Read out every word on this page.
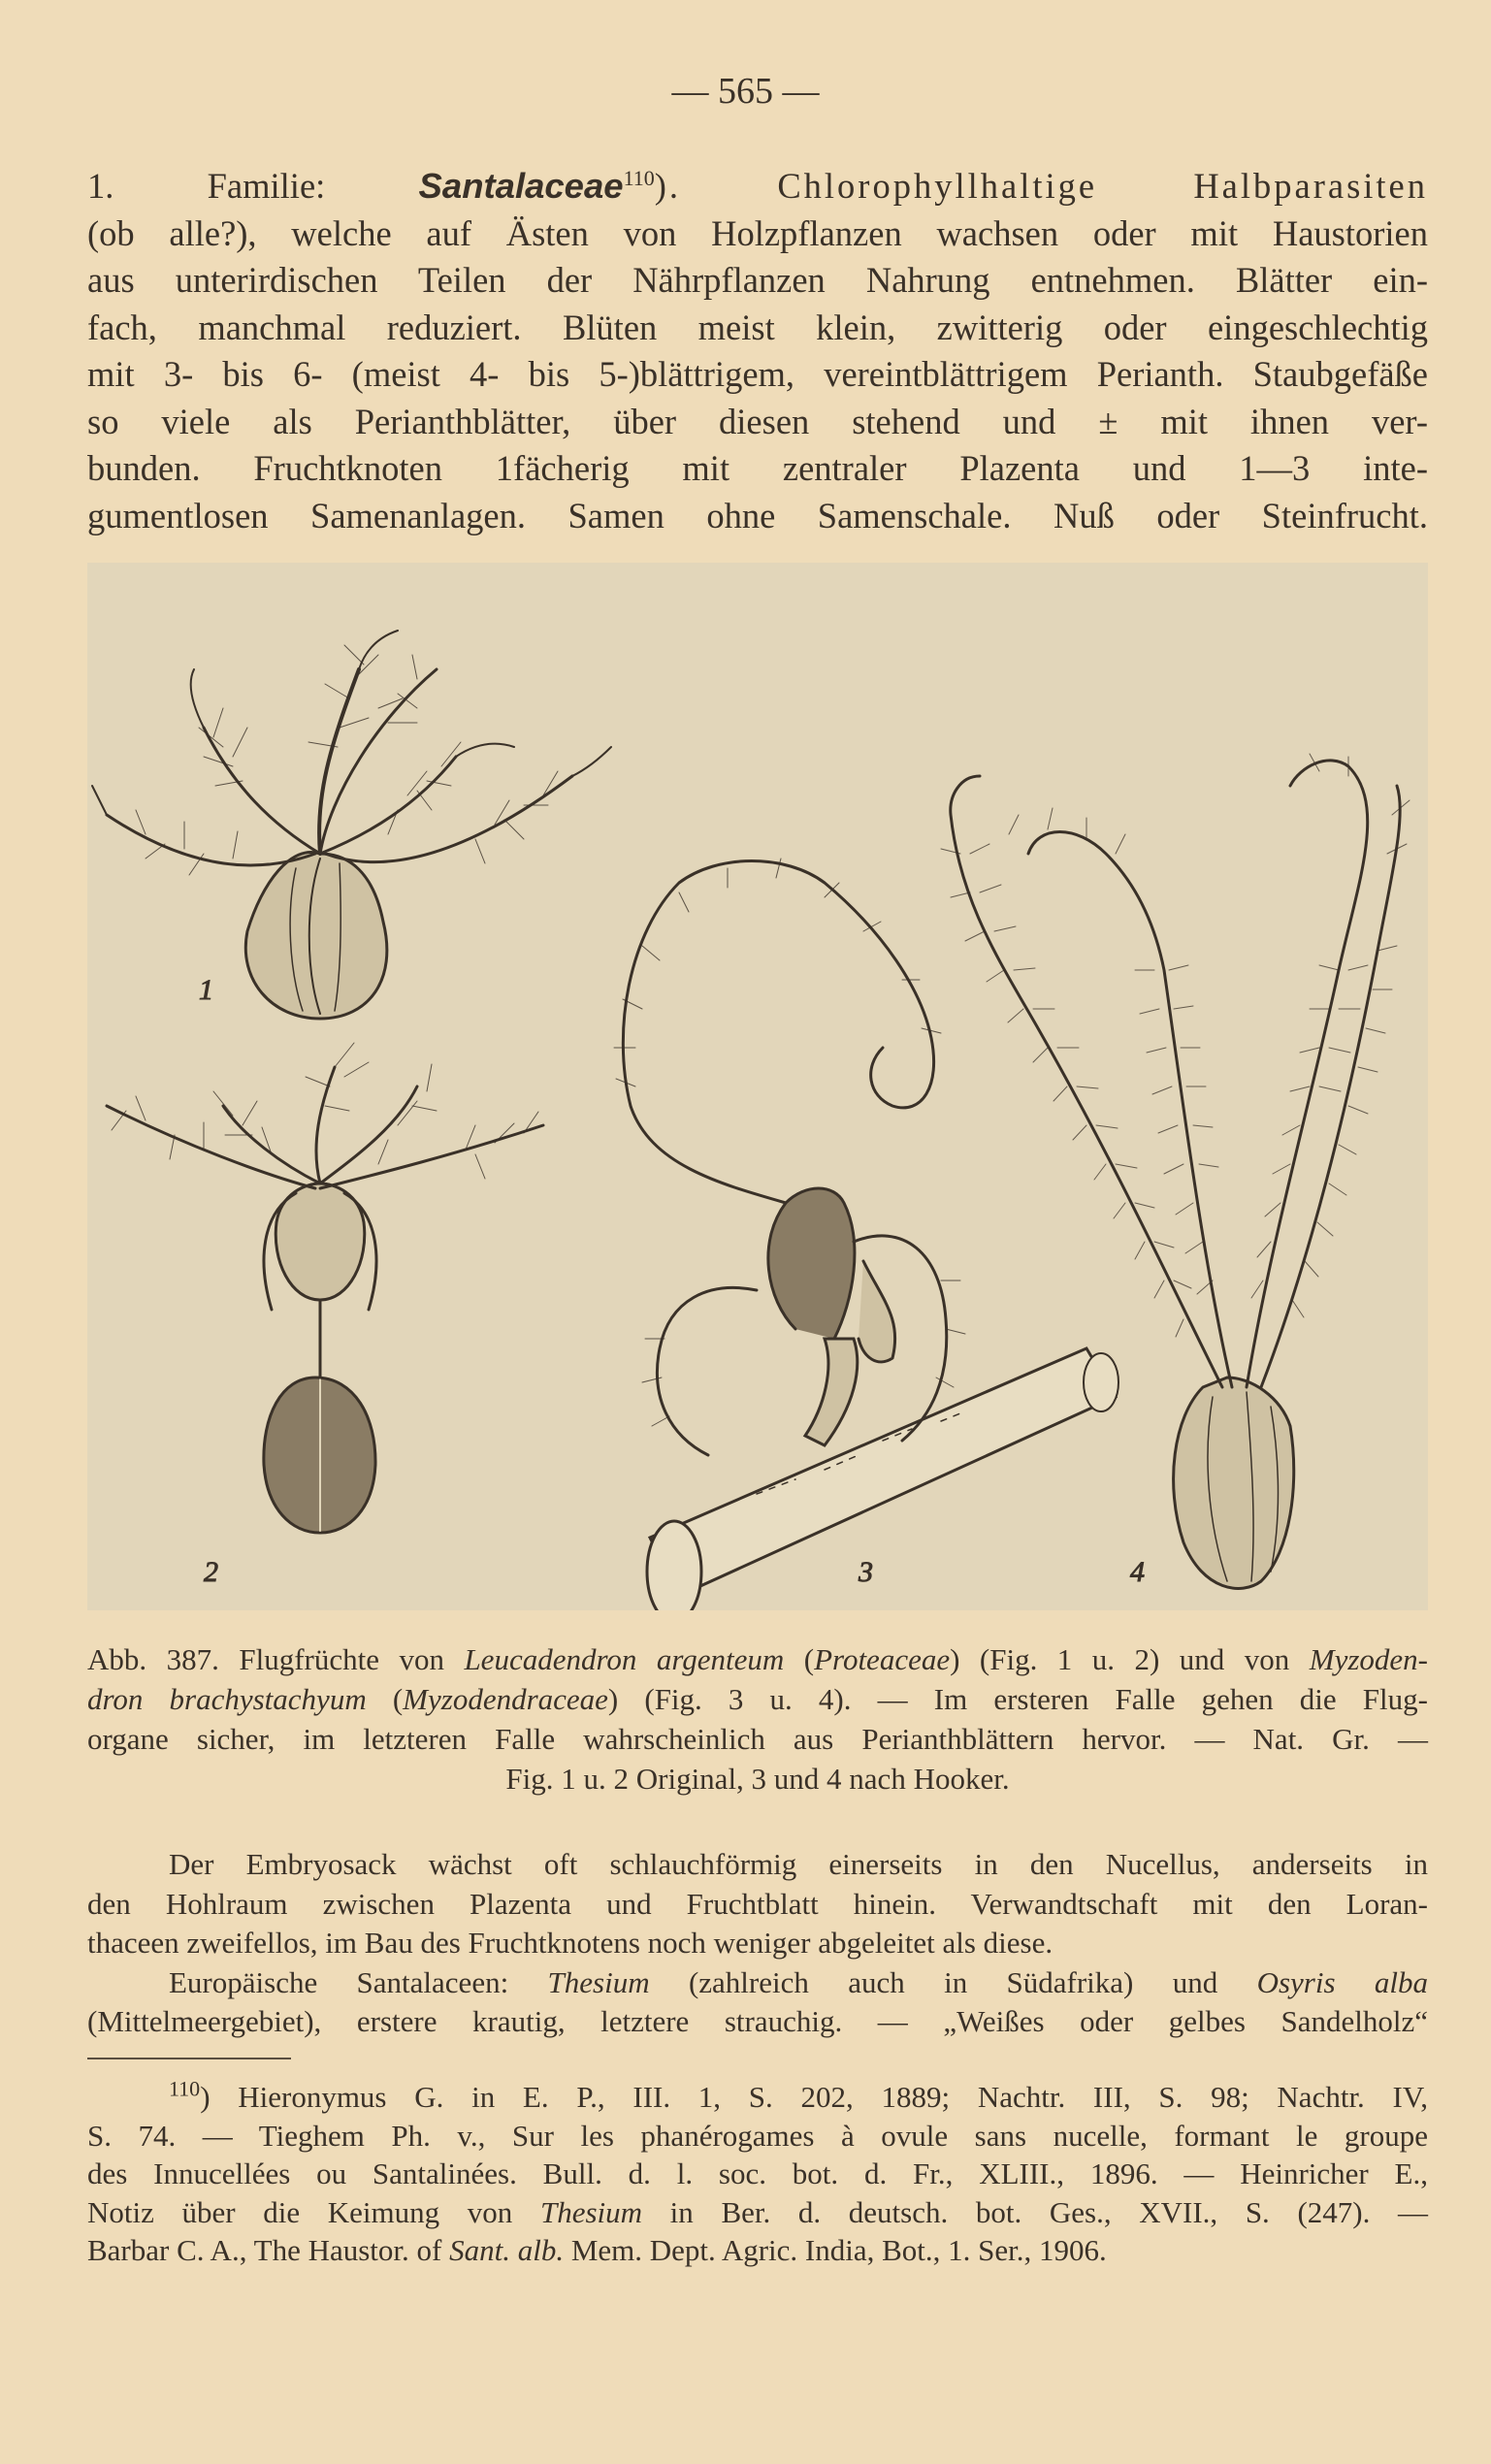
— 565 —
1. Familie: Santalaceae$^{110}$). Chlorophyllhaltige Halbparasiten
(ob alle?), welche auf Ästen von Holzpflanzen wachsen oder mit Haustorien
aus unterirdischen Teilen der Nährpflanzen Nahrung entnehmen. Blätter ein-
fach, manchmal reduziert. Blüten meist klein, zwitterig oder eingeschlechtig
mit 3- bis 6- (meist 4- bis 5-)blättrigem, vereintblättrigem Perianth. Staubgefäße
so viele als Perianthblätter, über diesen stehend und ± mit ihnen ver-
bunden. Fruchtknoten 1fächerig mit zentraler Plazenta und 1—3 inte-
gumentlosen Samenanlagen. Samen ohne Samenschale. Nuß oder Steinfrucht.
1
2	3	4
Abb. 387. Flugfrüchte von Leucadendron argenteum (Proteaceae) (Fig. 1 u. 2) und von Myzoden-
dron brachystachyum (Myzodendraceae) (Fig. 3 u. 4). — Im ersteren Falle gehen die Flug-
organe sicher, im letzteren Falle wahrscheinlich aus Perianthblättern hervor. — Nat. Gr. —
Fig. 1 u. 2 Original, 3 und 4 nach Hooker.
Der Embryosack wächst oft schlauchförmig einerseits in den Nucellus, anderseits in
den Hohlraum zwischen Plazenta und Fruchtblatt hinein. Verwandtschaft mit den Loran-
thaceen zweifellos, im Bau des Fruchtknotens noch weniger abgeleitet als diese.
Europäische Santalaceen: Thesium (zahlreich auch in Südafrika) und Osyris alba
(Mittelmeergebiet), erstere krautig, letztere strauchig. — „Weißes oder gelbes Sandelholz“
$^{110}$) Hieronymus G. in E. P., III. 1, S. 202, 1889; Nachtr. III, S. 98; Nachtr. IV,
S. 74. — Tieghem Ph. v., Sur les phanérogames à ovule sans nucelle, formant le groupe
des Innucellées ou Santalinées. Bull. d. l. soc. bot. d. Fr., XLIII., 1896. — Heinricher E.,
Notiz über die Keimung von Thesium in Ber. d. deutsch. bot. Ges., XVII., S. (247). —
Barbar C. A., The Haustor. of Sant. alb. Mem. Dept. Agric. India, Bot., 1. Ser., 1906.
